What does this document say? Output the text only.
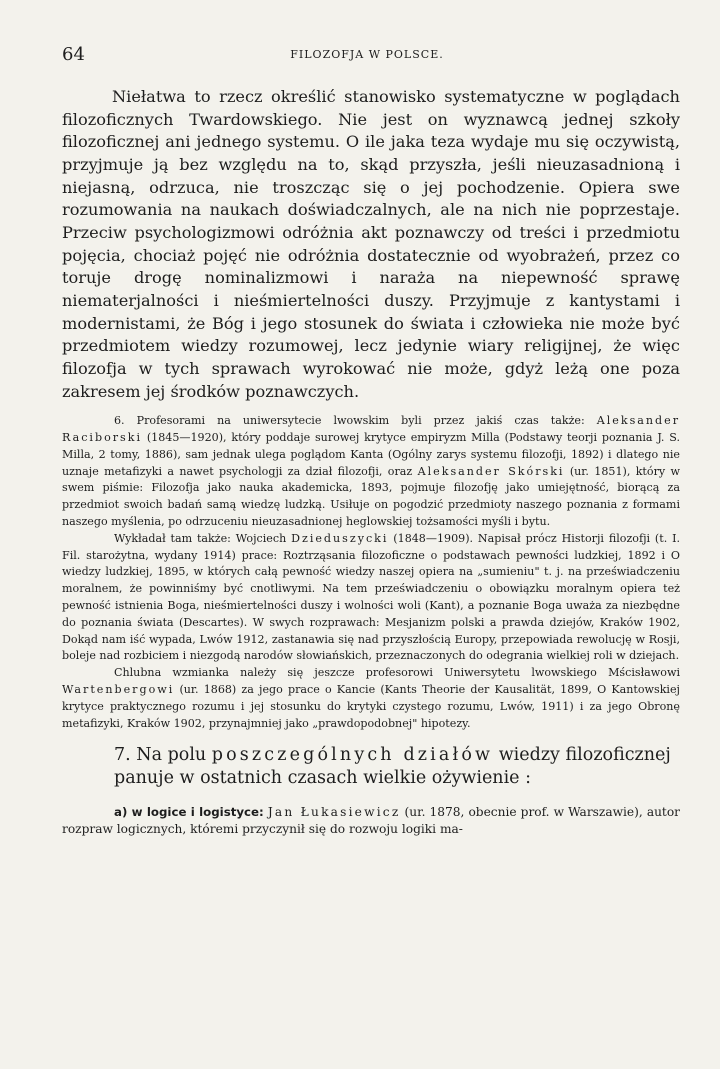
64	FILOZOFJA W POLSCE.

Niełatwa to rzecz określić stanowisko systematyczne w poglądach filozoficznych Twardowskiego. Nie jest on wyznawcą jednej szkoły filozoficznej ani jednego systemu. O ile jaka teza wydaje mu się oczywistą, przyjmuje ją bez względu na to, skąd przyszła, jeśli nieuzasadnioną i niejasną, odrzuca, nie troszcząc się o jej pochodzenie. Opiera swe rozumowania na naukach doświadczalnych, ale na nich nie poprzestaje. Przeciw psychologizmowi odróżnia akt poznawczy od treści i przedmiotu pojęcia, chociaż pojęć nie odróżnia dostatecznie od wyobrażeń, przez co toruje drogę nominalizmowi i naraża na niepewność sprawę niematerjalności i nieśmiertelności duszy. Przyjmuje z kantystami i modernistami, że Bóg i jego stosunek do świata i człowieka nie może być przedmiotem wiedzy rozumowej, lecz jedynie wiary religijnej, że więc filozofja w tych sprawach wyrokować nie może, gdyż leżą one poza zakresem jej środków poznawczych.

6. Profesorami na uniwersytecie lwowskim byli przez jakiś czas także: Aleksander Raciborski (1845—1920), który poddaje surowej krytyce empiryzm Milla (Podstawy teorji poznania J. S. Milla, 2 tomy, 1886), sam jednak ulega poglądom Kanta (Ogólny zarys systemu filozofji, 1892) i dlatego nie uznaje metafizyki a nawet psychologji za dział filozofji, oraz Aleksander Skórski (ur. 1851), który w swem piśmie: Filozofja jako nauka akademicka, 1893, pojmuje filozofję jako umiejętność, biorącą za przedmiot swoich badań samą wiedzę ludzką. Usiłuje on pogodzić przedmioty naszego poznania z formami naszego myślenia, po odrzuceniu nieuzasadnionej heglowskiej tożsamości myśli i bytu.

Wykładał tam także: Wojciech Dzieduszycki (1848—1909). Napisał prócz Historji filozofji (t. I. Fil. starożytna, wydany 1914) prace: Roztrząsania filozoficzne o podstawach pewności ludzkiej, 1892 i O wiedzy ludzkiej, 1895, w których całą pewność wiedzy naszej opiera na „sumieniu" t. j. na przeświadczeniu moralnem, że powinniśmy być cnotliwymi. Na tem przeświadczeniu o obowiązku moralnym opiera też pewność istnienia Boga, nieśmiertelności duszy i wolności woli (Kant), a poznanie Boga uważa za niezbędne do poznania świata (Descartes). W swych rozprawach: Mesjanizm polski a prawda dziejów, Kraków 1902, Dokąd nam iść wypada, Lwów 1912, zastanawia się nad przyszłością Europy, przepowiada rewolucję w Rosji, boleje nad rozbiciem i niezgodą narodów słowiańskich, przeznaczonych do odegrania wielkiej roli w dziejach.

Chlubna wzmianka należy się jeszcze profesorowi Uniwersytetu lwowskiego Mścisławowi Wartenbergowi (ur. 1868) za jego prace o Kancie (Kants Theorie der Kausalität, 1899, O Kantowskiej krytyce praktycznego rozumu i jej stosunku do krytyki czystego rozumu, Lwów, 1911) i za jego Obronę metafizyki, Kraków 1902, przynajmniej jako „prawdopodobnej" hipotezy.

7. Na polu poszczególnych działów wiedzy filozoficznej panuje w ostatnich czasach wielkie ożywienie :

a) w logice i logistyce: Jan Łukasiewicz (ur. 1878, obecnie prof. w Warszawie), autor rozpraw logicznych, któremi przyczynił się do rozwoju logiki ma-
